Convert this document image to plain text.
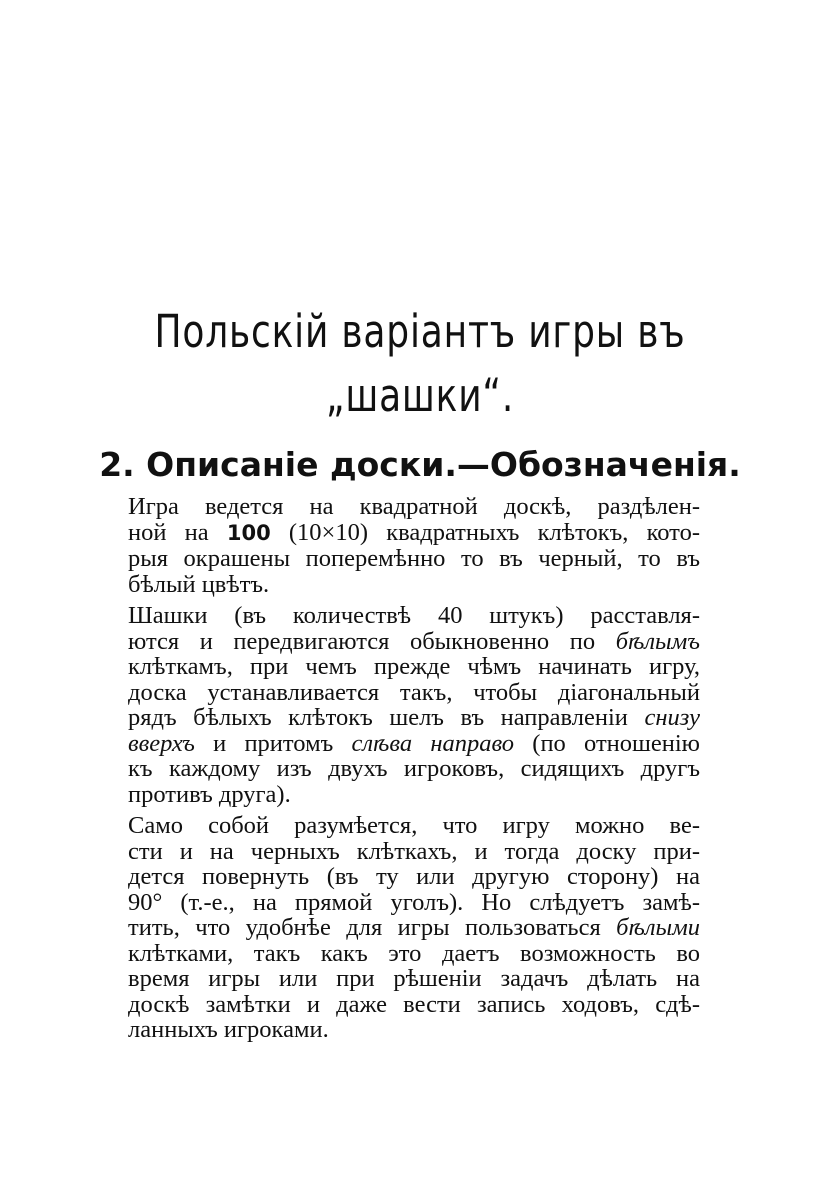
Польскій варіантъ игры въ
„шашки“.
2. Описаніе доски.—Обозначенія.

Игра ведется на квадратной доскѣ, раздѣлен-
ной на 100 (10×10) квадратныхъ клѣтокъ, кото-
рыя окрашены поперемѣнно то въ черный, то въ
бѣлый цвѣтъ.

Шашки (въ количествѣ 40 штукъ) расставля-
ются и передвигаются обыкновенно по бѣлымъ
клѣткамъ, при чемъ прежде чѣмъ начинать игру,
доска устанавливается такъ, чтобы діагональный
рядъ бѣлыхъ клѣтокъ шелъ въ направленіи снизу
вверхъ и притомъ слѣва направо (по отношенію
къ каждому изъ двухъ игроковъ, сидящихъ другъ
противъ друга).

Само собой разумѣется, что игру можно ве-
сти и на черныхъ клѣткахъ, и тогда доску при-
дется повернуть (въ ту или другую сторону) на
90° (т.-е., на прямой уголъ). Но слѣдуетъ замѣ-
тить, что удобнѣе для игры пользоваться бѣлыми
клѣтками, такъ какъ это даетъ возможность во
время игры или при рѣшеніи задачъ дѣлать на
доскѣ замѣтки и даже вести запись ходовъ, сдѣ-
ланныхъ игроками.
